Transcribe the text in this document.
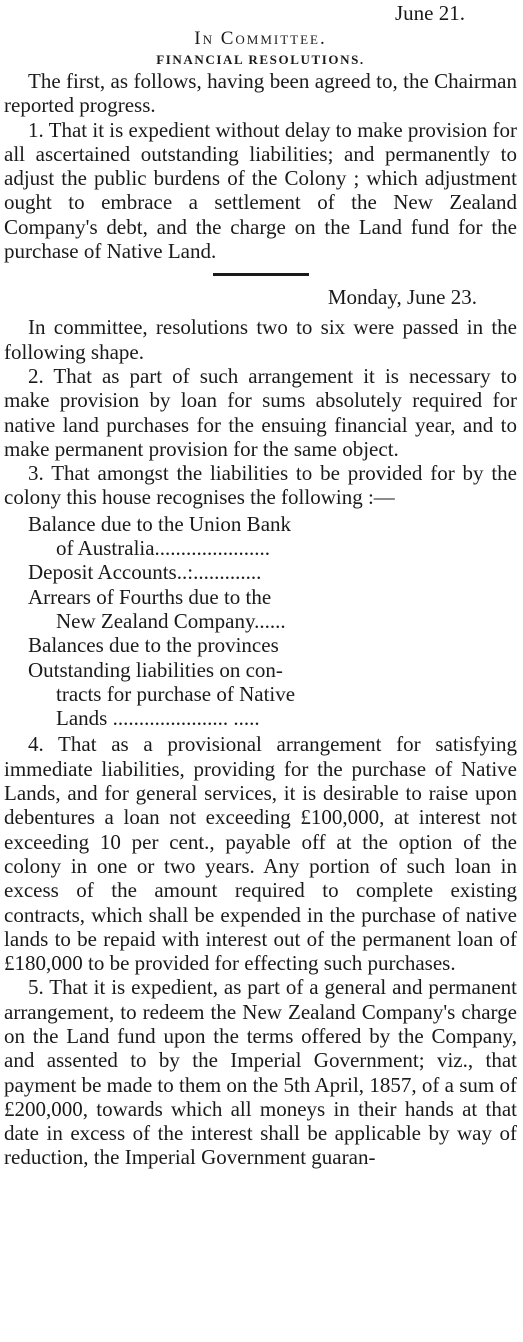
June 21.
In Committee.
FINANCIAL RESOLUTIONS.

The first, as follows, having been agreed to, the Chairman reported progress.

1. That it is expedient without delay to make provision for all ascertained outstanding liabilities; and permanently to adjust the public burdens of the Colony ; which adjustment ought to embrace a settlement of the New Zealand Company's debt, and the charge on the Land fund for the purchase of Native Land.

Monday, June 23.

In committee, resolutions two to six were passed in the following shape.

2. That as part of such arrangement it is necessary to make provision by loan for sums absolutely required for native land purchases for the ensuing financial year, and to make permanent provision for the same object.

3. That amongst the liabilities to be provided for by the colony this house recognises the following :—

Balance due to the Union Bank
of Australia......................
Deposit Accounts..:.............
Arrears of Fourths due to the
New Zealand Company......
Balances due to the provinces
Outstanding liabilities on con-
tracts for purchase of Native
Lands ...................... .....

4. That as a provisional arrangement for satisfying immediate liabilities, providing for the purchase of Native Lands, and for general services, it is desirable to raise upon debentures a loan not exceeding £100,000, at interest not exceeding 10 per cent., payable off at the option of the colony in one or two years. Any portion of such loan in excess of the amount required to complete existing contracts, which shall be expended in the purchase of native lands to be repaid with interest out of the permanent loan of £180,000 to be provided for effecting such purchases.

5. That it is expedient, as part of a general and permanent arrangement, to redeem the New Zealand Company's charge on the Land fund upon the terms offered by the Company, and assented to by the Imperial Government; viz., that payment be made to them on the 5th April, 1857, of a sum of £200,000, towards which all moneys in their hands at that date in excess of the interest shall be applicable by way of reduction, the Imperial Government guaran-
